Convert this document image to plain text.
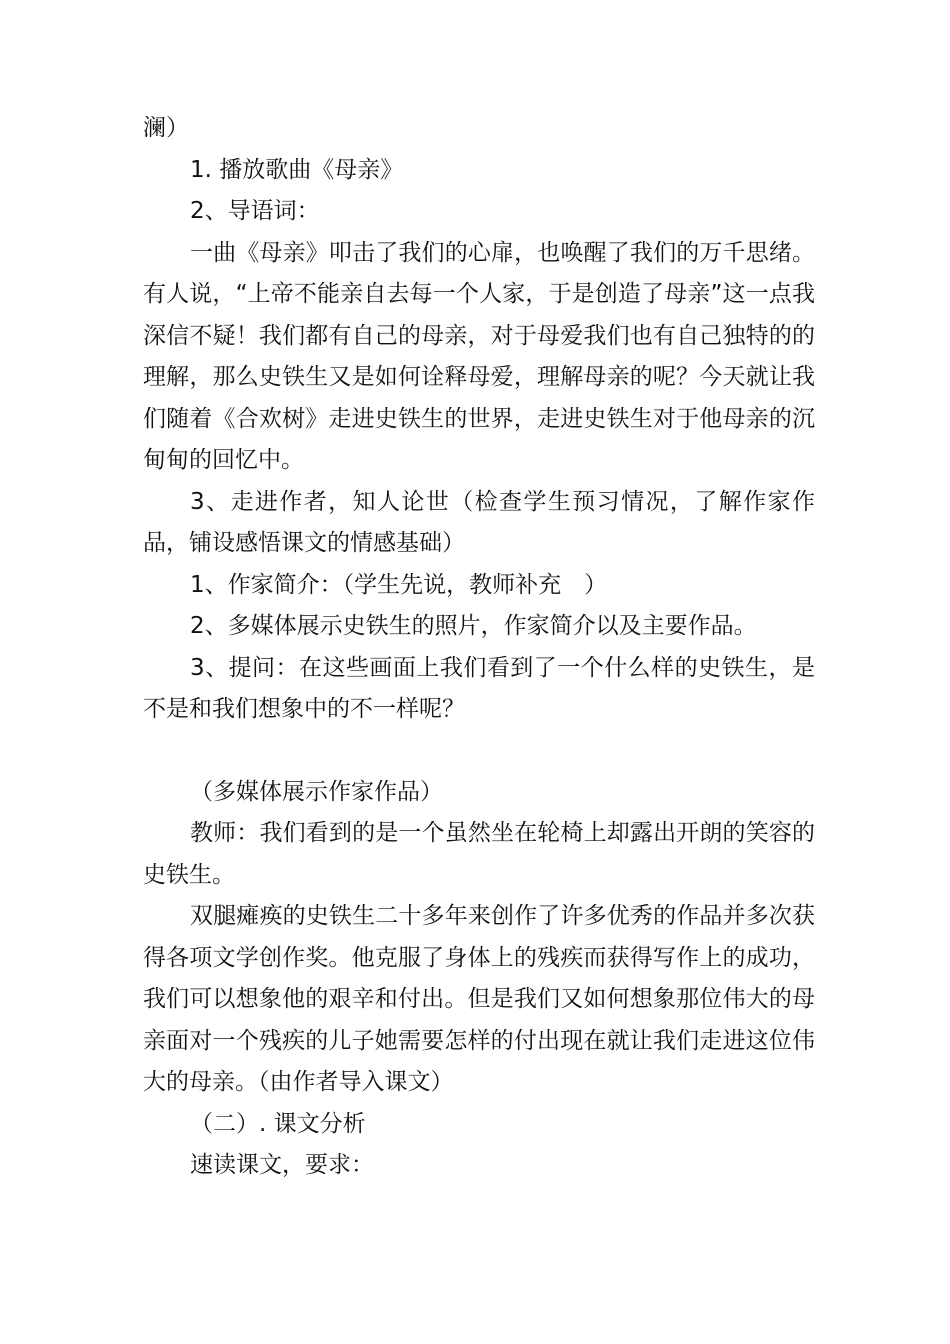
澜）

1. 播放歌曲《母亲》

2、导语词：

一曲《母亲》叩击了我们的心扉，也唤醒了我们的万千思绪。有人说，“上帝不能亲自去每一个人家，于是创造了母亲”这一点我深信不疑！我们都有自己的母亲，对于母爱我们也有自己独特的的理解，那么史铁生又是如何诠释母爱，理解母亲的呢？今天就让我们随着《合欢树》走进史铁生的世界，走进史铁生对于他母亲的沉甸甸的回忆中。

3、走进作者，知人论世（检查学生预习情况，了解作家作品，铺设感悟课文的情感基础）

1、作家简介：（学生先说，教师补充　）

2、多媒体展示史铁生的照片，作家简介以及主要作品。

3、提问：在这些画面上我们看到了一个什么样的史铁生，是不是和我们想象中的不一样呢？

（多媒体展示作家作品）

教师：我们看到的是一个虽然坐在轮椅上却露出开朗的笑容的史铁生。

双腿瘫痪的史铁生二十多年来创作了许多优秀的作品并多次获得各项文学创作奖。他克服了身体上的残疾而获得写作上的成功，我们可以想象他的艰辛和付出。但是我们又如何想象那位伟大的母亲面对一个残疾的儿子她需要怎样的付出现在就让我们走进这位伟大的母亲。（由作者导入课文）

（二）. 课文分析

速读课文，要求：
